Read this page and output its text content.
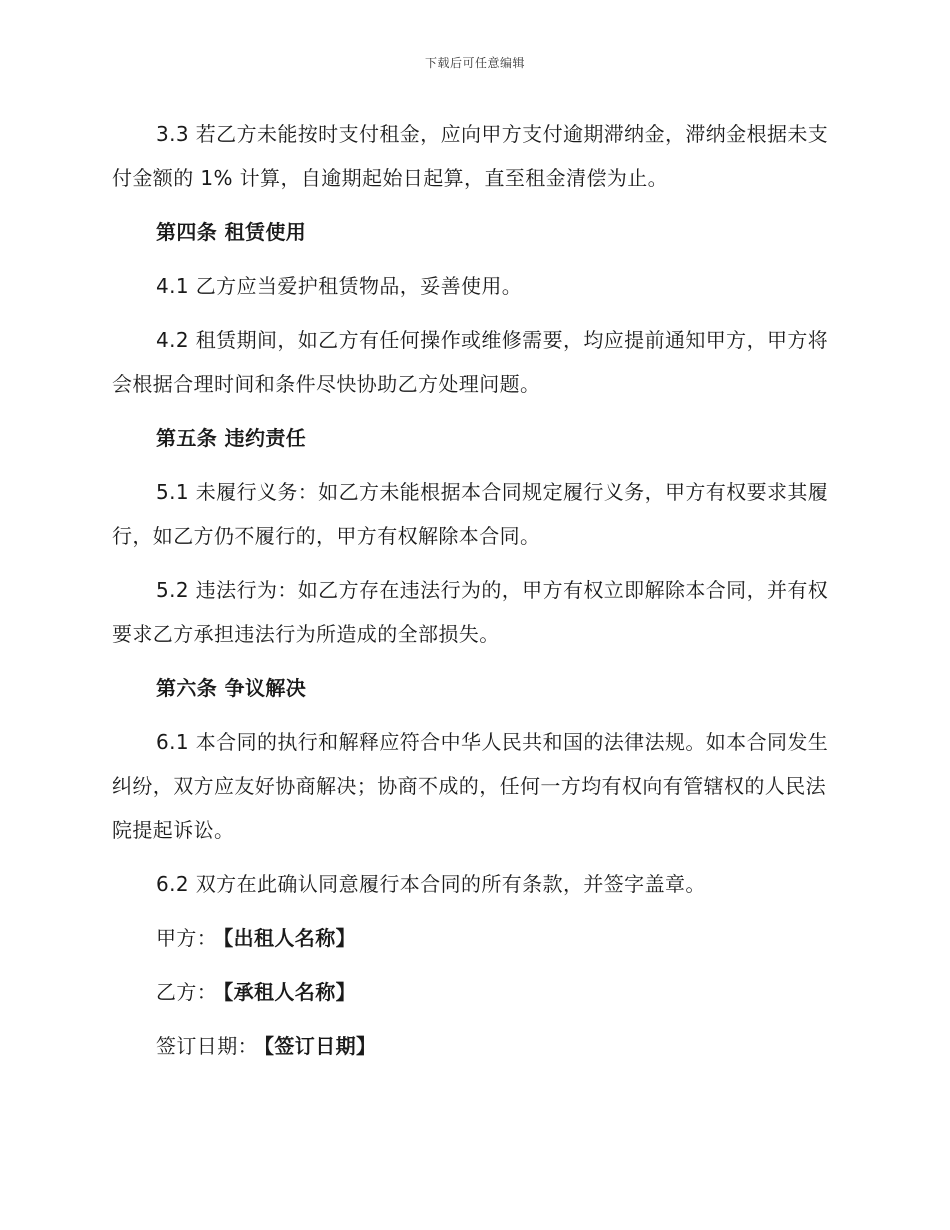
下载后可任意编辑

3.3 若乙方未能按时支付租金，应向甲方支付逾期滞纳金，滞纳金根据未支付金额的 1% 计算，自逾期起始日起算，直至租金清偿为止。

第四条 租赁使用

4.1 乙方应当爱护租赁物品，妥善使用。

4.2 租赁期间，如乙方有任何操作或维修需要，均应提前通知甲方，甲方将会根据合理时间和条件尽快协助乙方处理问题。

第五条 违约责任

5.1 未履行义务：如乙方未能根据本合同规定履行义务，甲方有权要求其履行，如乙方仍不履行的，甲方有权解除本合同。

5.2 违法行为：如乙方存在违法行为的，甲方有权立即解除本合同，并有权要求乙方承担违法行为所造成的全部损失。

第六条 争议解决

6.1 本合同的执行和解释应符合中华人民共和国的法律法规。如本合同发生纠纷，双方应友好协商解决；协商不成的，任何一方均有权向有管辖权的人民法院提起诉讼。

6.2 双方在此确认同意履行本合同的所有条款，并签字盖章。

甲方： 【出租人名称】
乙方： 【承租人名称】
签订日期： 【签订日期】
